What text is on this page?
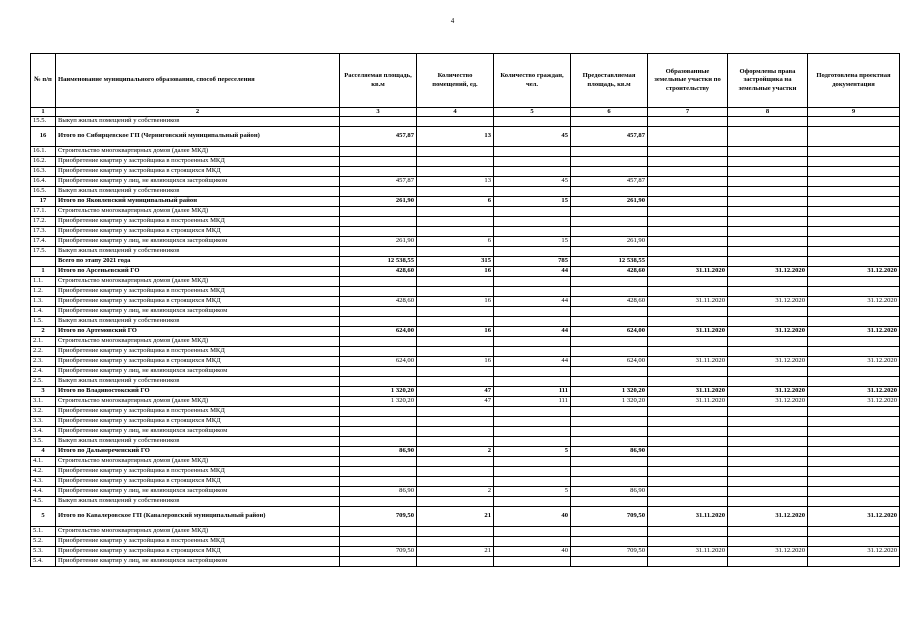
4
№ п/п	Наименование муниципального образования, способ переселения	Расселяемая площадь, кв.м	Количество помещений, ед.	Количество граждан, чел.	Предоставляемая площадь, кв.м	Образованные земельные участки по строительству	Оформлены права застройщика на земельные участки	Подготовлена проектная документация
1	2	3	4	5	6	7	8	9
15.5.	Выкуп жилых помещений у собственников							
16	Итого по Сибирцевское ГП (Черниговский муниципальный район)	457,87	13	45	457,87			
16.1.	Строительство многоквартирных домов (далее МКД)							
16.2.	Приобретение квартир у застройщика в построенных МКД							
16.3.	Приобретение квартир у застройщика в строящихся МКД							
16.4.	Приобретение квартир у лиц, не являющихся застройщиком	457,87	13	45	457,87			
16.5.	Выкуп жилых помещений у собственников							
17	Итого по Яковлевский муниципальный район	261,90	6	15	261,90			
17.1.	Строительство многоквартирных домов (далее МКД)							
17.2.	Приобретение квартир у застройщика в построенных МКД							
17.3.	Приобретение квартир у застройщика в строящихся МКД							
17.4.	Приобретение квартир у лиц, не являющихся застройщиком	261,90	6	15	261,90			
17.5.	Выкуп жилых помещений у собственников							
	Всего по этапу 2021 года	12 538,55	315	785	12 538,55			
1	Итого по Арсеньевский ГО	428,60	16	44	428,60	31.11.2020	31.12.2020	31.12.2020
1.1.	Строительство многоквартирных домов (далее МКД)							
1.2.	Приобретение квартир у застройщика в построенных МКД							
1.3.	Приобретение квартир у застройщика в строящихся МКД	428,60	16	44	428,60	31.11.2020	31.12.2020	31.12.2020
1.4.	Приобретение квартир у лиц, не являющихся застройщиком							
1.5.	Выкуп жилых помещений у собственников							
2	Итого по Артемовский ГО	624,00	16	44	624,00	31.11.2020	31.12.2020	31.12.2020
2.1.	Строительство многоквартирных домов (далее МКД)							
2.2.	Приобретение квартир у застройщика в построенных МКД							
2.3.	Приобретение квартир у застройщика в строящихся МКД	624,00	16	44	624,00	31.11.2020	31.12.2020	31.12.2020
2.4.	Приобретение квартир у лиц, не являющихся застройщиком							
2.5.	Выкуп жилых помещений у собственников							
3	Итого по Владивостокский ГО	1 320,20	47	111	1 320,20	31.11.2020	31.12.2020	31.12.2020
3.1.	Строительство многоквартирных домов (далее МКД)	1 320,20	47	111	1 320,20	31.11.2020	31.12.2020	31.12.2020
3.2.	Приобретение квартир у застройщика в построенных МКД							
3.3.	Приобретение квартир у застройщика в строящихся МКД							
3.4.	Приобретение квартир у лиц, не являющихся застройщиком							
3.5.	Выкуп жилых помещений у собственников							
4	Итого по Дальнереченский ГО	86,90	2	5	86,90			
4.1.	Строительство многоквартирных домов (далее МКД)							
4.2.	Приобретение квартир у застройщика в построенных МКД							
4.3.	Приобретение квартир у застройщика в строящихся МКД							
4.4.	Приобретение квартир у лиц, не являющихся застройщиком	86,90	2	5	86,90			
4.5.	Выкуп жилых помещений у собственников							
5	Итого по Кавалеровское ГП (Кавалеровский муниципальный район)	709,50	21	40	709,50	31.11.2020	31.12.2020	31.12.2020
5.1.	Строительство многоквартирных домов (далее МКД)							
5.2.	Приобретение квартир у застройщика в построенных МКД							
5.3.	Приобретение квартир у застройщика в строящихся МКД	709,50	21	40	709,50	31.11.2020	31.12.2020	31.12.2020
5.4.	Приобретение квартир у лиц, не являющихся застройщиком							
